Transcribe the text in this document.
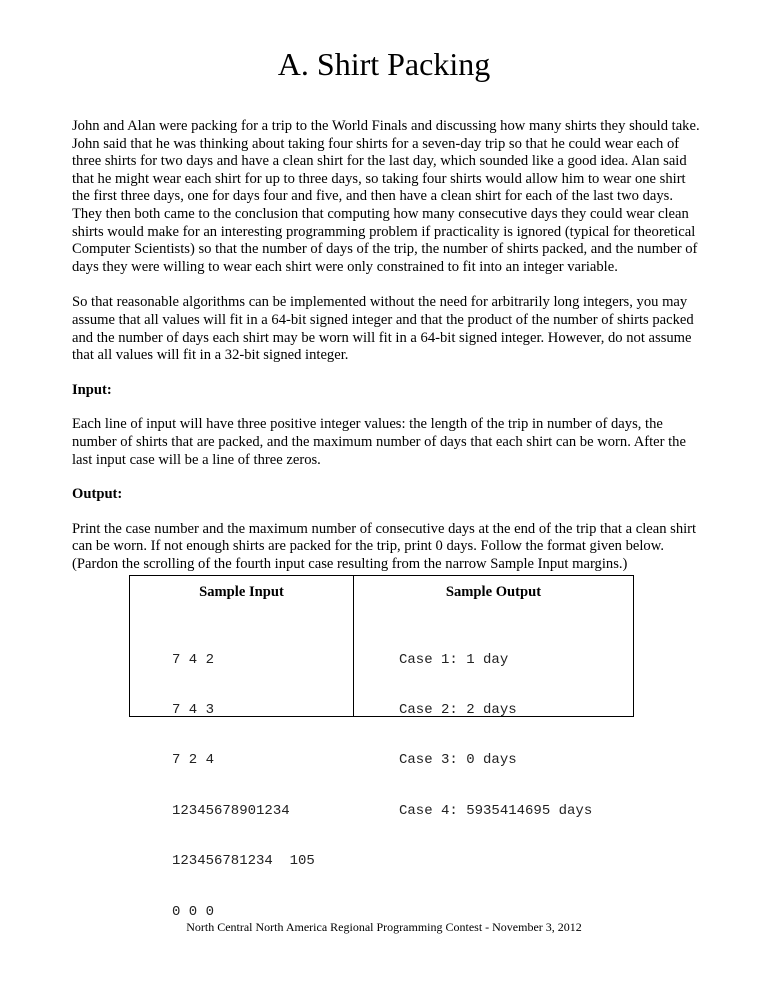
A. Shirt Packing

John and Alan were packing for a trip to the World Finals and discussing how many shirts they should take. John said that he was thinking about taking four shirts for a seven-day trip so that he could wear each of three shirts for two days and have a clean shirt for the last day, which sounded like a good idea. Alan said that he might wear each shirt for up to three days, so taking four shirts would allow him to wear one shirt the first three days, one for days four and five, and then have a clean shirt for each of the last two days. They then both came to the conclusion that computing how many consecutive days they could wear clean shirts would make for an interesting programming problem if practicality is ignored (typical for theoretical Computer Scientists) so that the number of days of the trip, the number of shirts packed, and the number of days they were willing to wear each shirt were only constrained to fit into an integer variable.

So that reasonable algorithms can be implemented without the need for arbitrarily long integers, you may assume that all values will fit in a 64-bit signed integer and that the product of the number of shirts packed and the number of days each shirt may be worn will fit in a 64-bit signed integer. However, do not assume that all values will fit in a 32-bit signed integer.

Input:

Each line of input will have three positive integer values: the length of the trip in number of days, the number of shirts that are packed, and the maximum number of days that each shirt can be worn. After the last input case will be a line of three zeros.

Output:

Print the case number and the maximum number of consecutive days at the end of the trip that a clean shirt can be worn. If not enough shirts are packed for the trip, print 0 days. Follow the format given below. (Pardon the scrolling of the fourth input case resulting from the narrow Sample Input margins.)

Sample Input

7 4 2

7 4 3

7 2 4

12345678901234

123456781234  105

0 0 0

Sample Output

Case 1: 1 day

Case 2: 2 days

Case 3: 0 days

Case 4: 5935414695 days

North Central North America Regional Programming Contest - November 3, 2012
